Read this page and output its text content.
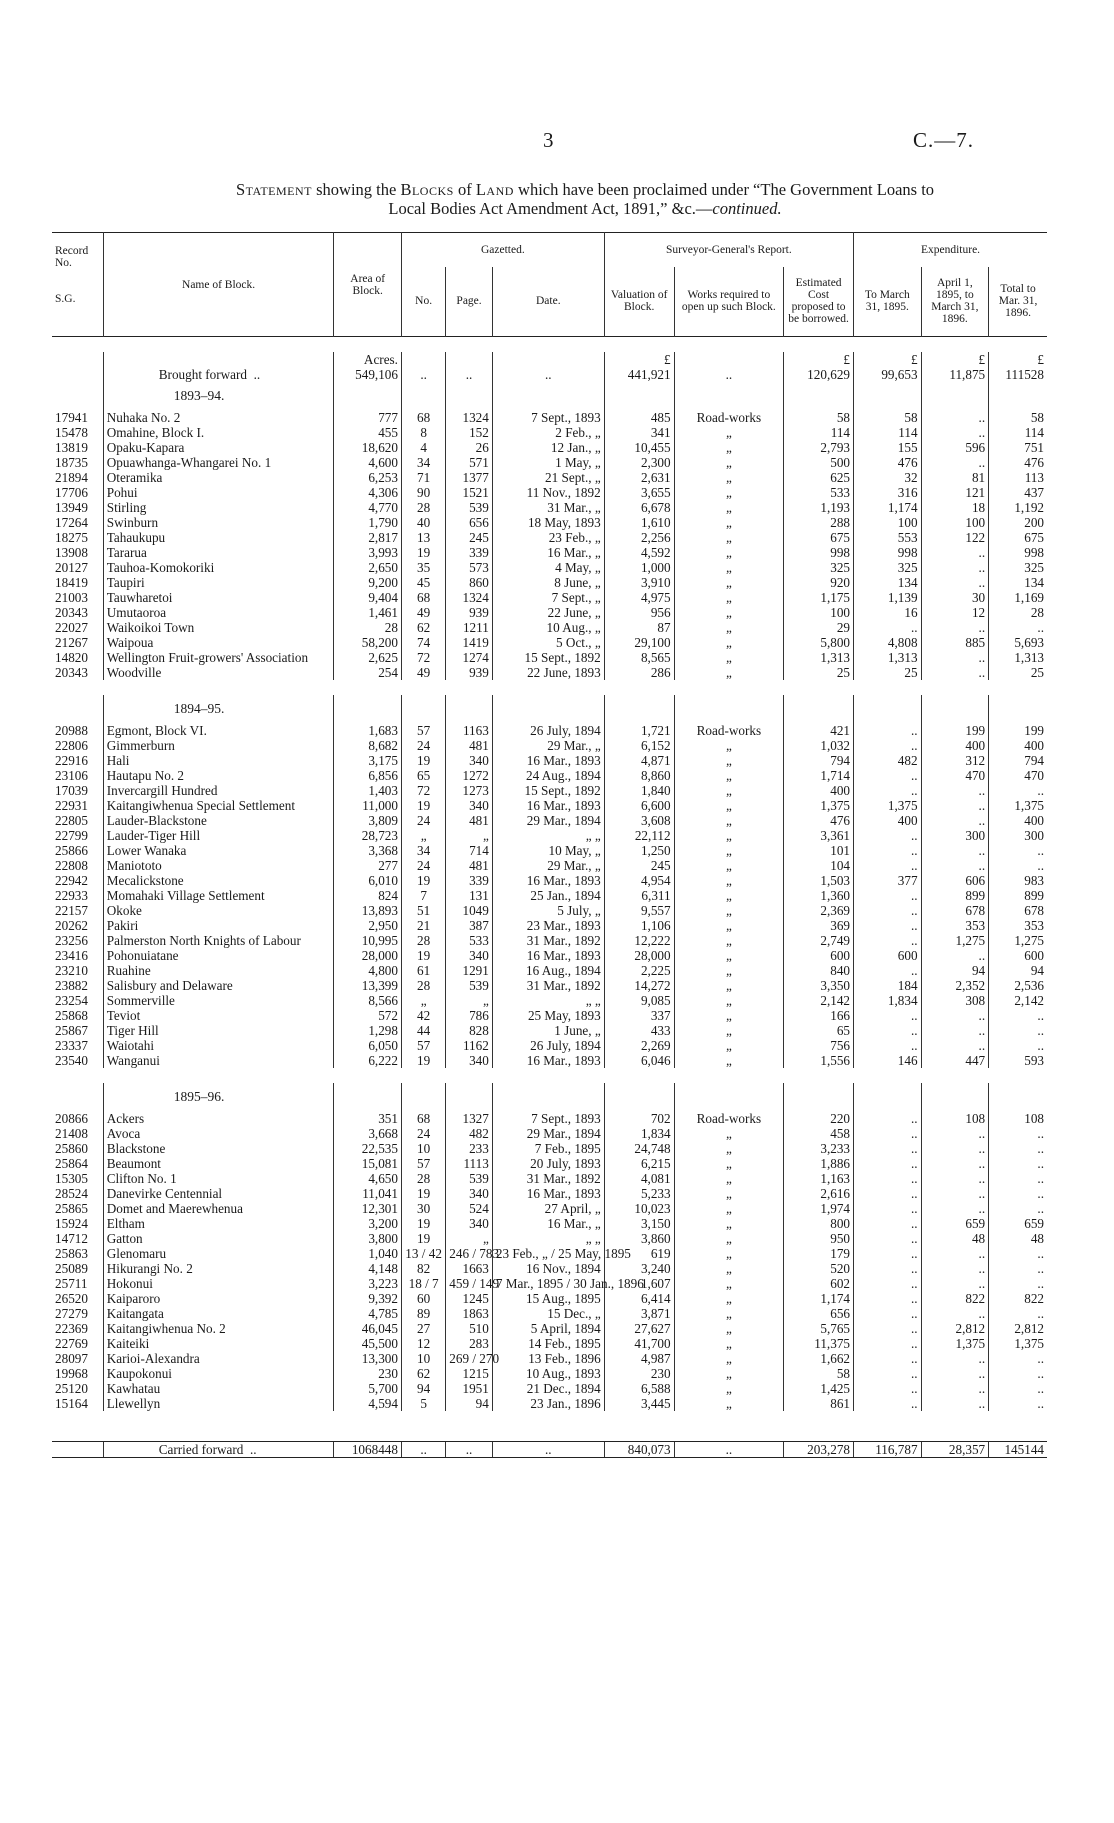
3	C.—7.
Statement showing the Blocks of Land which have been proclaimed under “The Government Loans to
Local Bodies Act Amendment Act, 1891,” &c.—continued.
Record No.

S.G.	Name of Block.	Area of Block.	Gazetted.			Surveyor-General's Report.			Expenditure.		
			No.	Page.	Date.	Valuation of Block.	Works required to open up such Block.	Estimated Cost proposed to be borrowed.	To March 31, 1895.	April 1, 1895, to March 31, 1896.	Total to Mar. 31, 1896.

		Acres.				£		£	£	£	£
	Brought forward ..	549,106	..	..	..	441,921	..	120,629	99,653	11,875	111528
	1893–94.										
17941	Nuhaka No. 2	777	68	1324	7 Sept., 1893	485	Road-works	58	58	..	58
15478	Omahine, Block I.	455	8	152	2 Feb., „	341	„	114	114	..	114
13819	Opaku-Kapara	18,620	4	26	12 Jan., „	10,455	„	2,793	155	596	751
18735	Opuawhanga-Whangarei No. 1	4,600	34	571	1 May, „	2,300	„	500	476	..	476
21894	Oteramika	6,253	71	1377	21 Sept., „	2,631	„	625	32	81	113
17706	Pohui	4,306	90	1521	11 Nov., 1892	3,655	„	533	316	121	437
13949	Stirling	4,770	28	539	31 Mar., „	6,678	„	1,193	1,174	18	1,192
17264	Swinburn	1,790	40	656	18 May, 1893	1,610	„	288	100	100	200
18275	Tahaukupu	2,817	13	245	23 Feb., „	2,256	„	675	553	122	675
13908	Tararua	3,993	19	339	16 Mar., „	4,592	„	998	998	..	998
20127	Tauhoa-Komokoriki	2,650	35	573	4 May, „	1,000	„	325	325	..	325
18419	Taupiri	9,200	45	860	8 June, „	3,910	„	920	134	..	134
21003	Tauwharetoi	9,404	68	1324	7 Sept., „	4,975	„	1,175	1,139	30	1,169
20343	Umutaoroa	1,461	49	939	22 June, „	956	„	100	16	12	28
22027	Waikoikoi Town	28	62	1211	10 Aug., „	87	„	29	..	..	..
21267	Waipoua	58,200	74	1419	5 Oct., „	29,100	„	5,800	4,808	885	5,693
14820	Wellington Fruit-growers' Association	2,625	72	1274	15 Sept., 1892	8,565	„	1,313	1,313	..	1,313
20343	Woodville	254	49	939	22 June, 1893	286	„	25	25	..	25

	1894–95.										
20988	Egmont, Block VI.	1,683	57	1163	26 July, 1894	1,721	Road-works	421	..	199	199
22806	Gimmerburn	8,682	24	481	29 Mar., „	6,152	„	1,032	..	400	400
22916	Hali	3,175	19	340	16 Mar., 1893	4,871	„	794	482	312	794
23106	Hautapu No. 2	6,856	65	1272	24 Aug., 1894	8,860	„	1,714	..	470	470
17039	Invercargill Hundred	1,403	72	1273	15 Sept., 1892	1,840	„	400	..	..	..
22931	Kaitangiwhenua Special Settlement	11,000	19	340	16 Mar., 1893	6,600	„	1,375	1,375	..	1,375
22805	Lauder-Blackstone	3,809	24	481	29 Mar., 1894	3,608	„	476	400	..	400
22799	Lauder-Tiger Hill	28,723	„	„	„ „	22,112	„	3,361	..	300	300
25866	Lower Wanaka	3,368	34	714	10 May, „	1,250	„	101	..	..	..
22808	Maniototo	277	24	481	29 Mar., „	245	„	104	..	..	..
22942	Mecalickstone	6,010	19	339	16 Mar., 1893	4,954	„	1,503	377	606	983
22933	Momahaki Village Settlement	824	7	131	25 Jan., 1894	6,311	„	1,360	..	899	899
22157	Okoke	13,893	51	1049	5 July, „	9,557	„	2,369	..	678	678
20262	Pakiri	2,950	21	387	23 Mar., 1893	1,106	„	369	..	353	353
23256	Palmerston North Knights of Labour	10,995	28	533	31 Mar., 1892	12,222	„	2,749	..	1,275	1,275
23416	Pohonuiatane	28,000	19	340	16 Mar., 1893	28,000	„	600	600	..	600
23210	Ruahine	4,800	61	1291	16 Aug., 1894	2,225	„	840	..	94	94
23882	Salisbury and Delaware	13,399	28	539	31 Mar., 1892	14,272	„	3,350	184	2,352	2,536
23254	Sommerville	8,566	„	„	„ „	9,085	„	2,142	1,834	308	2,142
25868	Teviot	572	42	786	25 May, 1893	337	„	166	..	..	..
25867	Tiger Hill	1,298	44	828	1 June, „	433	„	65	..	..	..
23337	Waiotahi	6,050	57	1162	26 July, 1894	2,269	„	756	..	..	..
23540	Wanganui	6,222	19	340	16 Mar., 1893	6,046	„	1,556	146	447	593

	1895–96.										
20866	Ackers	351	68	1327	7 Sept., 1893	702	Road-works	220	..	108	108
21408	Avoca	3,668	24	482	29 Mar., 1894	1,834	„	458	..	..	..
25860	Blackstone	22,535	10	233	7 Feb., 1895	24,748	„	3,233	..	..	..
25864	Beaumont	15,081	57	1113	20 July, 1893	6,215	„	1,886	..	..	..
15305	Clifton No. 1	4,650	28	539	31 Mar., 1892	4,081	„	1,163	..	..	..
28524	Danevirke Centennial	11,041	19	340	16 Mar., 1893	5,233	„	2,616	..	..	..
25865	Domet and Maerewhenua	12,301	30	524	27 April, „	10,023	„	1,974	..	..	..
15924	Eltham	3,200	19	340	16 Mar., „	3,150	„	800	..	659	659
14712	Gatton	3,800	19	„	„ „	3,860	„	950	..	48	48
25863	Glenomaru	1,040	13 / 42	246 / 783	23 Feb., „ / 25 May, 1895	619	„	179	..	..	..
25089	Hikurangi No. 2	4,148	82	1663	16 Nov., 1894	3,240	„	520	..	..	..
25711	Hokonui	3,223	18 / 7	459 / 149	7 Mar., 1895 / 30 Jan., 1896	1,607	„	602	..	..	..
26520	Kaiparoro	9,392	60	1245	15 Aug., 1895	6,414	„	1,174	..	822	822
27279	Kaitangata	4,785	89	1863	15 Dec., „	3,871	„	656	..	..	..
22369	Kaitangiwhenua No. 2	46,045	27	510	5 April, 1894	27,627	„	5,765	..	2,812	2,812
22769	Kaiteiki	45,500	12	283	14 Feb., 1895	41,700	„	11,375	..	1,375	1,375
28097	Karioi-Alexandra	13,300	10	269 / 270	13 Feb., 1896	4,987	„	1,662	..	..	..
19968	Kaupokonui	230	62	1215	10 Aug., 1893	230	„	58	..	..	..
25120	Kawhatau	5,700	94	1951	21 Dec., 1894	6,588	„	1,425	..	..	..
15164	Llewellyn	4,594	5	94	23 Jan., 1896	3,445	„	861	..	..	..

	Carried forward ..	1068448	..	..	..	840,073	..	203,278	116,787	28,357	145144
